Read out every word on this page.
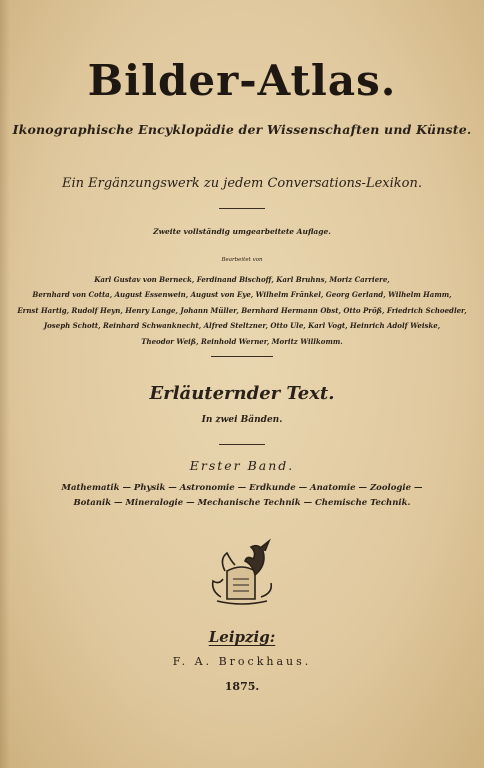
Bilder-Atlas.
Ikonographische Encyklopädie der Wissenschaften und Künste.
Ein Ergänzungswerk zu jedem Conversations-Lexikon.
Zweite vollständig umgearbeitete Auflage.
Bearbeitet von
Karl Gustav von Berneck, Ferdinand Bischoff, Karl Bruhns, Moriz Carriere,
Bernhard von Cotta, August Essenwein, August von Eye, Wilhelm Fränkel, Georg Gerland, Wilhelm Hamm,
Ernst Hartig, Rudolf Heyn, Henry Lange, Johann Müller, Bernhard Hermann Obst, Otto Pröß, Friedrich Schoedler,
Joseph Schott, Reinhard Schwanknecht, Alfred Steltzner, Otto Ule, Karl Vogt, Heinrich Adolf Weiske,
Theodor Weiß, Reinhold Werner, Moritz Willkomm.
Erläuternder Text.
In zwei Bänden.
Erster Band.
Mathematik — Physik — Astronomie — Erdkunde — Anatomie — Zoologie —
Botanik — Mineralogie — Mechanische Technik — Chemische Technik.
Leipzig:
F. A. Brockhaus.
1875.
